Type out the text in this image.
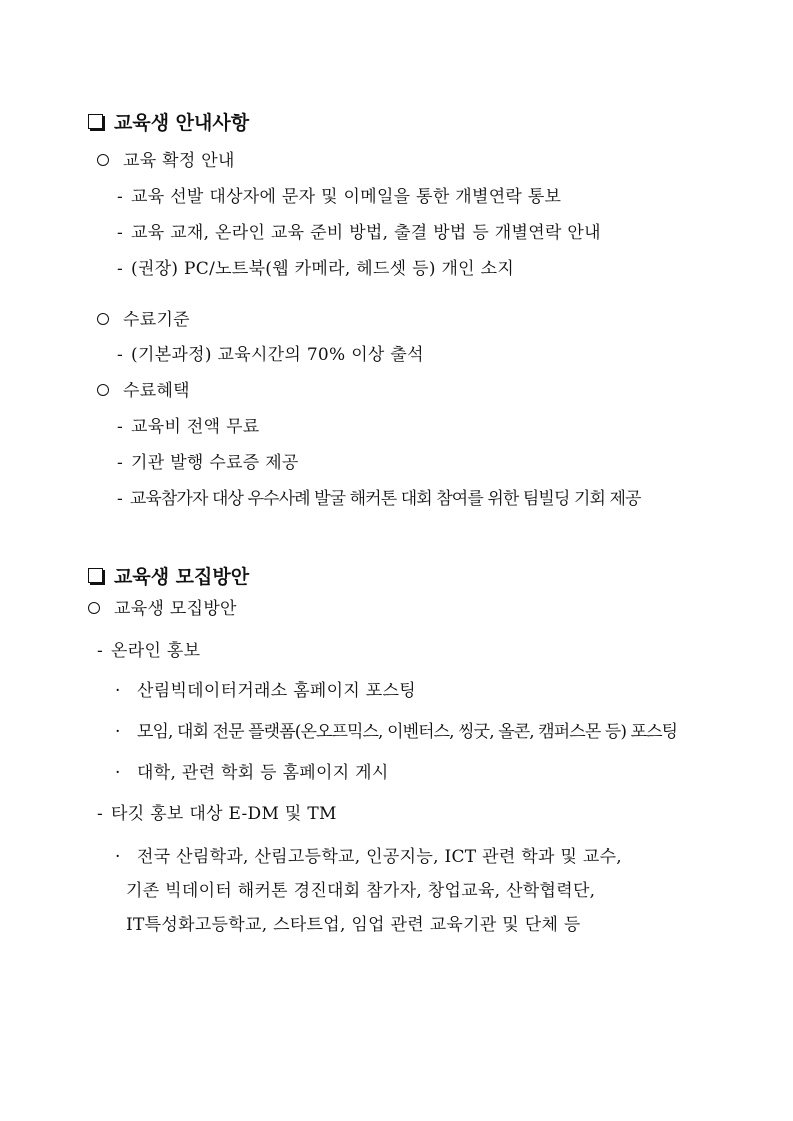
교육생 안내사항
교육 확정 안내
- 교육 선발 대상자에 문자 및 이메일을 통한 개별연락 통보
- 교육 교재, 온라인 교육 준비 방법, 출결 방법 등 개별연락 안내
- (권장) PC/노트북(웹 카메라, 헤드셋 등) 개인 소지
수료기준
- (기본과정) 교육시간의 70% 이상 출석
수료혜택
- 교육비 전액 무료
- 기관 발행 수료증 제공
- 교육참가자 대상 우수사례 발굴 해커톤 대회 참여를 위한 팀빌딩 기회 제공
교육생 모집방안
교육생 모집방안
- 온라인 홍보
· 산림빅데이터거래소 홈페이지 포스팅
· 모임, 대회 전문 플랫폼(온오프믹스, 이벤터스, 씽굿, 올콘, 캠퍼스몬 등) 포스팅
· 대학, 관련 학회 등 홈페이지 게시
- 타깃 홍보 대상 E-DM 및 TM
· 전국 산림학과, 산림고등학교, 인공지능, ICT 관련 학과 및 교수,
기존 빅데이터 해커톤 경진대회 참가자, 창업교육, 산학협력단,
IT특성화고등학교, 스타트업, 임업 관련 교육기관 및 단체 등
